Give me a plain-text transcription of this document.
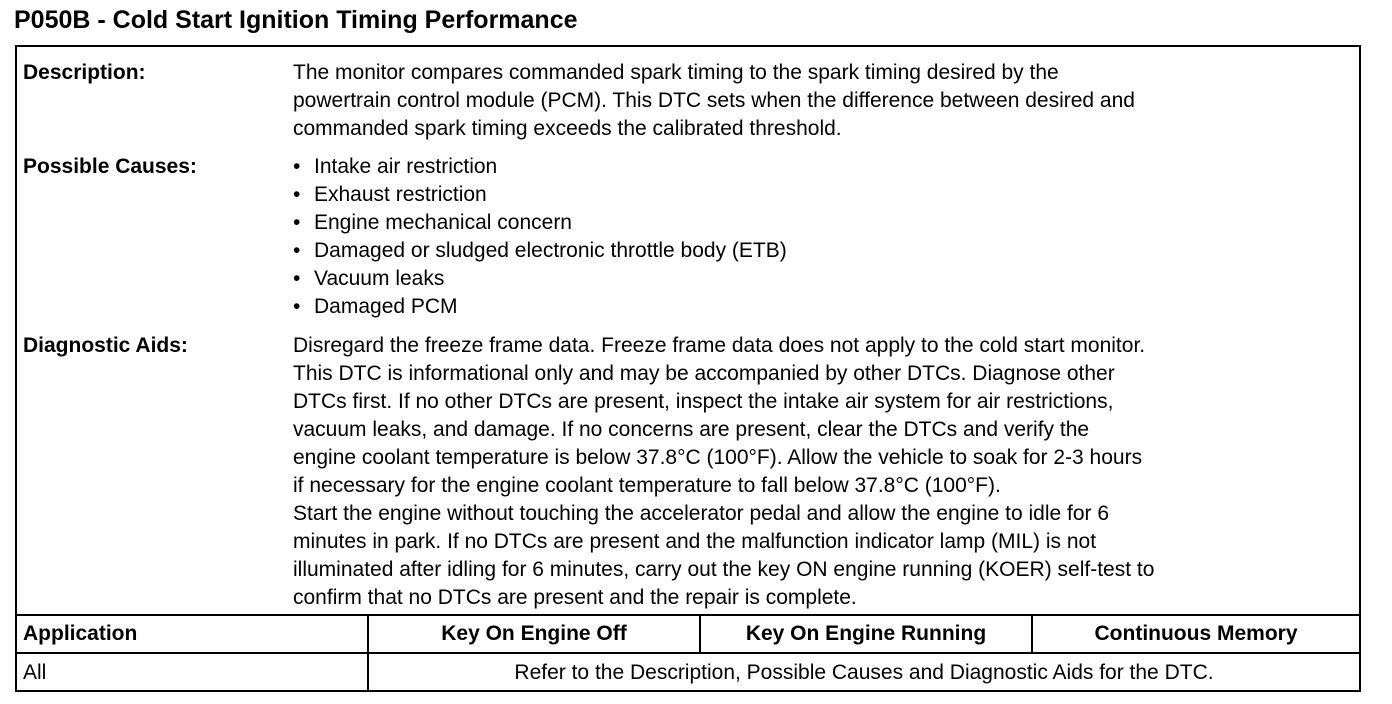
P050B - Cold Start Ignition Timing Performance
Description:	The monitor compares commanded spark timing to the spark timing desired by the
powertrain control module (PCM). This DTC sets when the difference between desired and
commanded spark timing exceeds the calibrated threshold.
Possible Causes:
•	Intake air restriction
• Exhaust restriction
• Engine mechanical concern
• Damaged or sludged electronic throttle body (ETB)
• Vacuum leaks
• Damaged PCM
Diagnostic Aids:	Disregard the freeze frame data. Freeze frame data does not apply to the cold start monitor.
This DTC is informational only and may be accompanied by other DTCs. Diagnose other
DTCs first. If no other DTCs are present, inspect the intake air system for air restrictions,
vacuum leaks, and damage. If no concerns are present, clear the DTCs and verify the
engine coolant temperature is below 37.8°C (100°F). Allow the vehicle to soak for 2-3 hours
if necessary for the engine coolant temperature to fall below 37.8°C (100°F).
Start the engine without touching the accelerator pedal and allow the engine to idle for 6
minutes in park. If no DTCs are present and the malfunction indicator lamp (MIL) is not
illuminated after idling for 6 minutes, carry out the key ON engine running (KOER) self-test to
confirm that no DTCs are present and the repair is complete.
Application	Key On Engine Off	Key On Engine Running	Continuous Memory
All	Refer to the Description, Possible Causes and Diagnostic Aids for the DTC.
